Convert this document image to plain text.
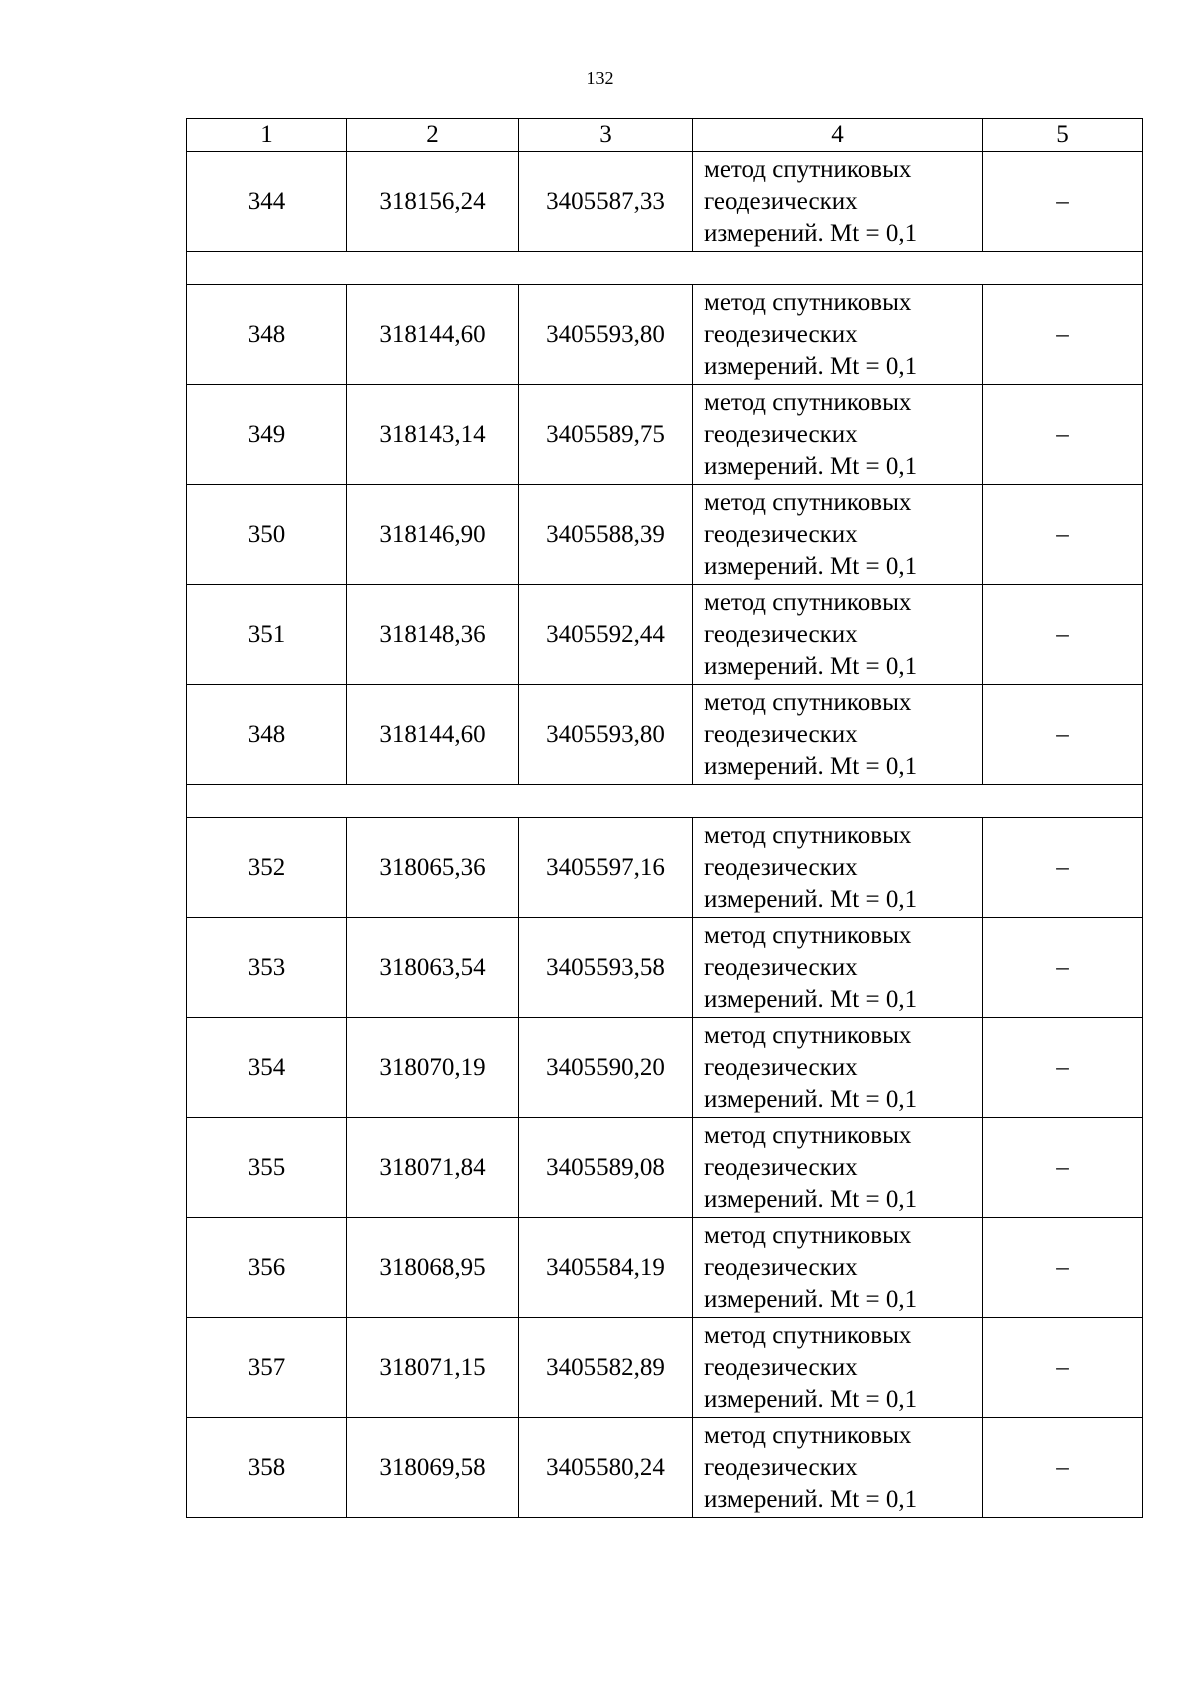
132
1	2	3	4	5
344	318156,24	3405587,33	метод спутниковых
геодезических
измерений. Mt = 0,1	–

348	318144,60	3405593,80	метод спутниковых
геодезических
измерений. Mt = 0,1	–
349	318143,14	3405589,75	метод спутниковых
геодезических
измерений. Mt = 0,1	–
350	318146,90	3405588,39	метод спутниковых
геодезических
измерений. Mt = 0,1	–
351	318148,36	3405592,44	метод спутниковых
геодезических
измерений. Mt = 0,1	–
348	318144,60	3405593,80	метод спутниковых
геодезических
измерений. Mt = 0,1	–

352	318065,36	3405597,16	метод спутниковых
геодезических
измерений. Mt = 0,1	–
353	318063,54	3405593,58	метод спутниковых
геодезических
измерений. Mt = 0,1	–
354	318070,19	3405590,20	метод спутниковых
геодезических
измерений. Mt = 0,1	–
355	318071,84	3405589,08	метод спутниковых
геодезических
измерений. Mt = 0,1	–
356	318068,95	3405584,19	метод спутниковых
геодезических
измерений. Mt = 0,1	–
357	318071,15	3405582,89	метод спутниковых
геодезических
измерений. Mt = 0,1	–
358	318069,58	3405580,24	метод спутниковых
геодезических
измерений. Mt = 0,1	–
